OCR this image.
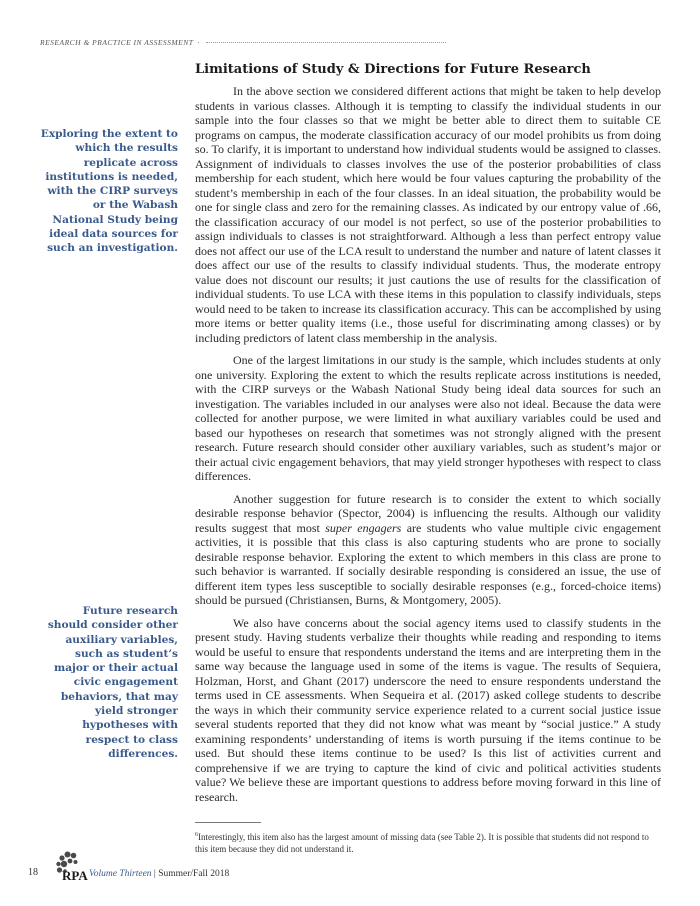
RESEARCH & PRACTICE IN ASSESSMENT ·
Limitations of Study & Directions for Future Research

In the above section we considered different actions that might be taken to help develop students in various classes. Although it is tempting to classify the individual students in our sample into the four classes so that we might be better able to direct them to suitable CE programs on campus, the moderate classification accuracy of our model prohibits us from doing so. To clarify, it is important to understand how individual students would be assigned to classes. Assignment of individuals to classes involves the use of the posterior probabilities of class membership for each student, which here would be four values capturing the probability of the student’s membership in each of the four classes. In an ideal situation, the probability would be one for single class and zero for the remaining classes. As indicated by our entropy value of .66, the classification accuracy of our model is not perfect, so use of the posterior probabilities to assign individuals to classes is not straightforward. Although a less than perfect entropy value does not affect our use of the LCA result to understand the number and nature of latent classes it does affect our use of the results to classify individual students. Thus, the moderate entropy value does not discount our results; it just cautions the use of results for the classification of individual students. To use LCA with these items in this population to classify individuals, steps would need to be taken to increase its classification accuracy. This can be accomplished by using more items or better quality items (i.e., those useful for discriminating among classes) or by including predictors of latent class membership in the analysis.

One of the largest limitations in our study is the sample, which includes students at only one university. Exploring the extent to which the results replicate across institutions is needed, with the CIRP surveys or the Wabash National Study being ideal data sources for such an investigation. The variables included in our analyses were also not ideal. Because the data were collected for another purpose, we were limited in what auxiliary variables could be used and based our hypotheses on research that sometimes was not strongly aligned with the present research. Future research should consider other auxiliary variables, such as student’s major or their actual civic engagement behaviors, that may yield stronger hypotheses with respect to class differences.

Another suggestion for future research is to consider the extent to which socially desirable response behavior (Spector, 2004) is influencing the results. Although our validity results suggest that most super engagers are students who value multiple civic engagement activities, it is possible that this class is also capturing students who are prone to socially desirable response behavior. Exploring the extent to which members in this class are prone to such behavior is warranted. If socially desirable responding is considered an issue, the use of different item types less susceptible to socially desirable responses (e.g., forced-choice items) should be pursued (Christiansen, Burns, & Montgomery, 2005).

We also have concerns about the social agency items used to classify students in the present study. Having students verbalize their thoughts while reading and responding to items would be useful to ensure that respondents understand the items and are interpreting them in the same way because the language used in some of the items is vague. The results of Sequiera, Holzman, Horst, and Ghant (2017) underscore the need to ensure respondents understand the terms used in CE assessments. When Sequeira et al. (2017) asked college students to describe the ways in which their community service experience related to a current social justice issue several students reported that they did not know what was meant by “social justice.” A study examining respondents’ understanding of items is worth pursuing if the items continue to be used. But should these items continue to be used? Is this list of activities current and comprehensive if we are trying to capture the kind of civic and political activities students value? We believe these are important questions to address before moving forward in this line of research.

Exploring the extent to which the results replicate across institutions is needed, with the CIRP surveys or the Wabash National Study being ideal data sources for such an investigation.
Future research should consider other auxiliary variables, such as student’s major or their actual civic engagement behaviors, that may yield stronger hypotheses with respect to class differences.
$^6$Interestingly, this item also has the largest amount of missing data (see Table 2). It is possible that students did not respond to this item because they did not understand it.
18 RPA Volume Thirteen | Summer/Fall 2018
